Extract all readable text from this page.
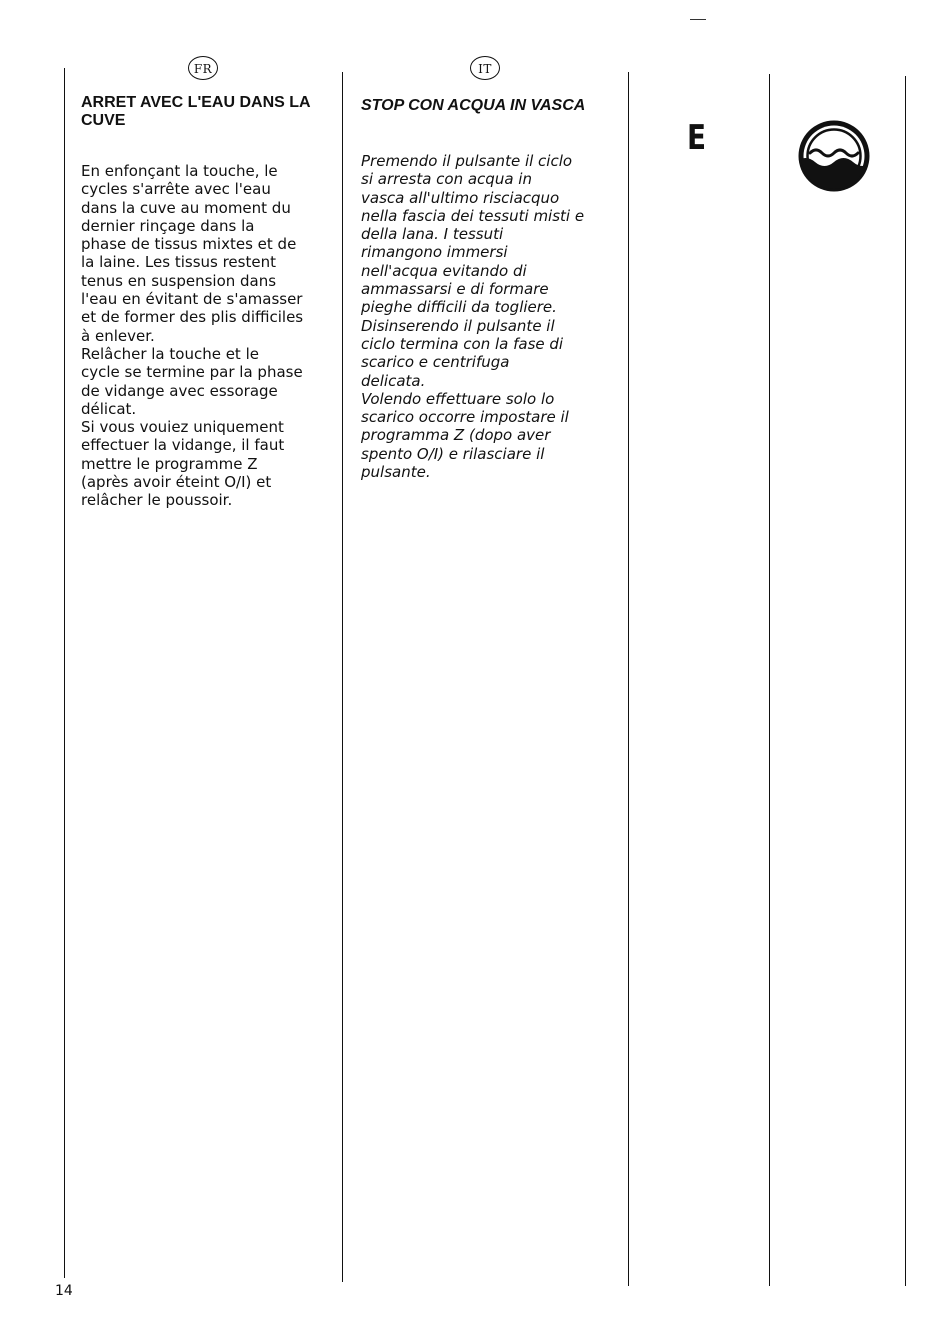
FR
ARRET AVEC L'EAU DANS LA CUVE

En enfonçant la touche, le
cycles s'arrête avec l'eau
dans la cuve au moment du
dernier rinçage dans la
phase de tissus mixtes et de
la laine. Les tissus restent
tenus en suspension dans
l'eau en évitant de s'amasser
et de former des plis difficiles
à enlever.
Relâcher la touche et le
cycle se termine par la phase
de vidange avec essorage
délicat.
Si vous vouiez uniquement
effectuer la vidange, il faut
mettre le programme Z
(après avoir éteint O/I) et
relâcher le poussoir.

IT
STOP CON ACQUA IN VASCA

Premendo il pulsante il ciclo
si arresta con acqua in
vasca all'ultimo risciacquo
nella fascia dei tessuti misti e
della lana. I tessuti
rimangono immersi
nell'acqua evitando di
ammassarsi e di formare
pieghe difficili da togliere.
Disinserendo il pulsante il
ciclo termina con la fase di
scarico e centrifuga
delicata.
Volendo effettuare solo lo
scarico occorre impostare il
programma Z (dopo aver
spento O/I) e rilasciare il
pulsante.

E
14
